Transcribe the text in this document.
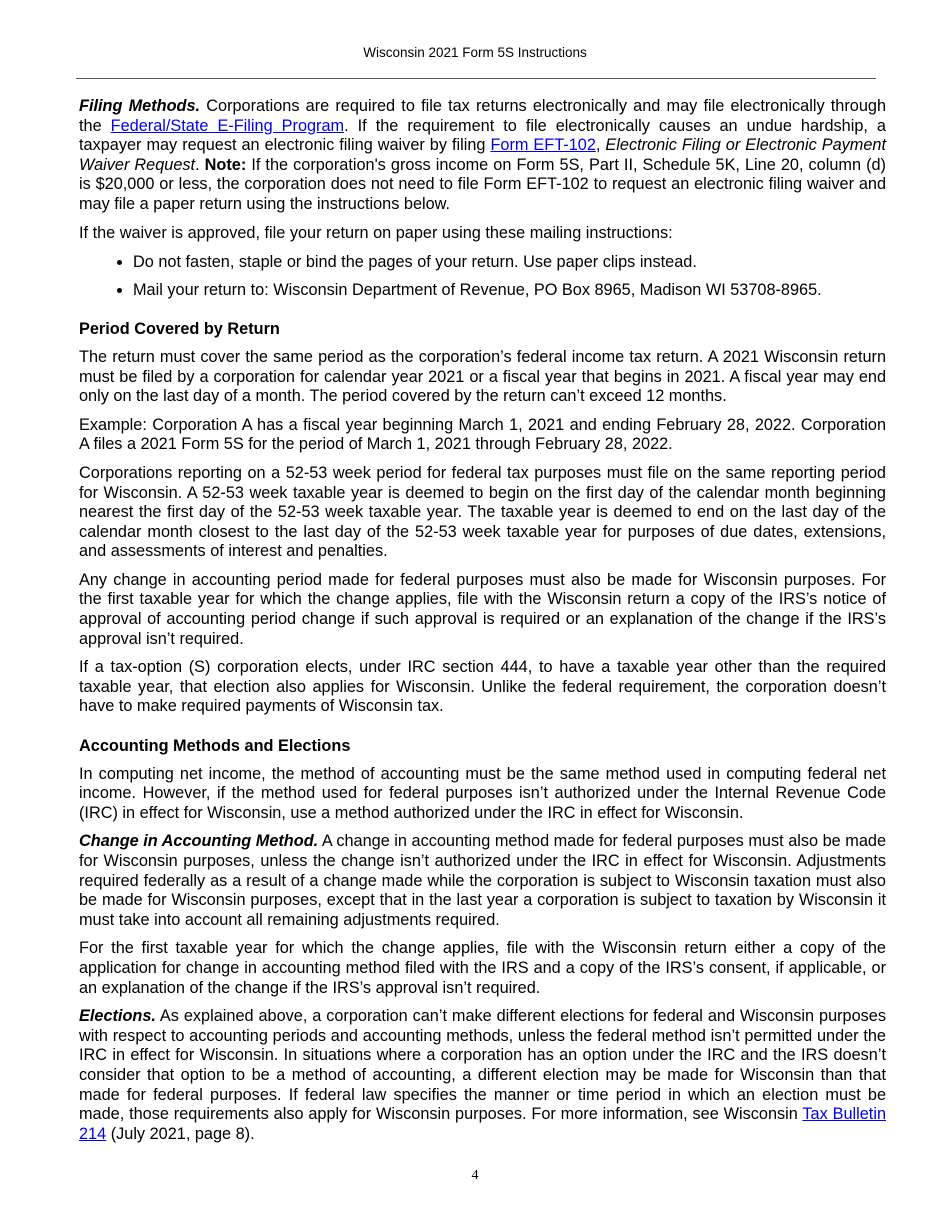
Wisconsin 2021 Form 5S Instructions

Filing Methods. Corporations are required to file tax returns electronically and may file electronically through the Federal/State E-Filing Program. If the requirement to file electronically causes an undue hardship, a taxpayer may request an electronic filing waiver by filing Form EFT-102, Electronic Filing or Electronic Payment Waiver Request. Note: If the corporation's gross income on Form 5S, Part II, Schedule 5K, Line 20, column (d) is $20,000 or less, the corporation does not need to file Form EFT-102 to request an electronic filing waiver and may file a paper return using the instructions below.

If the waiver is approved, file your return on paper using these mailing instructions:

• Do not fasten, staple or bind the pages of your return. Use paper clips instead.
• Mail your return to: Wisconsin Department of Revenue, PO Box 8965, Madison WI 53708-8965.
Period Covered by Return

The return must cover the same period as the corporation’s federal income tax return. A 2021 Wisconsin return must be filed by a corporation for calendar year 2021 or a fiscal year that begins in 2021. A fiscal year may end only on the last day of a month. The period covered by the return can’t exceed 12 months.

Example: Corporation A has a fiscal year beginning March 1, 2021 and ending February 28, 2022. Corporation A files a 2021 Form 5S for the period of March 1, 2021 through February 28, 2022.

Corporations reporting on a 52-53 week period for federal tax purposes must file on the same reporting period for Wisconsin. A 52-53 week taxable year is deemed to begin on the first day of the calendar month beginning nearest the first day of the 52-53 week taxable year. The taxable year is deemed to end on the last day of the calendar month closest to the last day of the 52-53 week taxable year for purposes of due dates, extensions, and assessments of interest and penalties.

Any change in accounting period made for federal purposes must also be made for Wisconsin purposes. For the first taxable year for which the change applies, file with the Wisconsin return a copy of the IRS’s notice of approval of accounting period change if such approval is required or an explanation of the change if the IRS’s approval isn’t required.

If a tax-option (S) corporation elects, under IRC section 444, to have a taxable year other than the required taxable year, that election also applies for Wisconsin. Unlike the federal requirement, the corporation doesn’t have to make required payments of Wisconsin tax.

Accounting Methods and Elections

In computing net income, the method of accounting must be the same method used in computing federal net income. However, if the method used for federal purposes isn’t authorized under the Internal Revenue Code (IRC) in effect for Wisconsin, use a method authorized under the IRC in effect for Wisconsin.

Change in Accounting Method. A change in accounting method made for federal purposes must also be made for Wisconsin purposes, unless the change isn’t authorized under the IRC in effect for Wisconsin. Adjustments required federally as a result of a change made while the corporation is subject to Wisconsin taxation must also be made for Wisconsin purposes, except that in the last year a corporation is subject to taxation by Wisconsin it must take into account all remaining adjustments required.

For the first taxable year for which the change applies, file with the Wisconsin return either a copy of the application for change in accounting method filed with the IRS and a copy of the IRS’s consent, if applicable, or an explanation of the change if the IRS’s approval isn’t required.

Elections. As explained above, a corporation can’t make different elections for federal and Wisconsin purposes with respect to accounting periods and accounting methods, unless the federal method isn’t permitted under the IRC in effect for Wisconsin. In situations where a corporation has an option under the IRC and the IRS doesn’t consider that option to be a method of accounting, a different election may be made for Wisconsin than that made for federal purposes. If federal law specifies the manner or time period in which an election must be made, those requirements also apply for Wisconsin purposes. For more information, see Wisconsin Tax Bulletin 214 (July 2021, page 8).

4
